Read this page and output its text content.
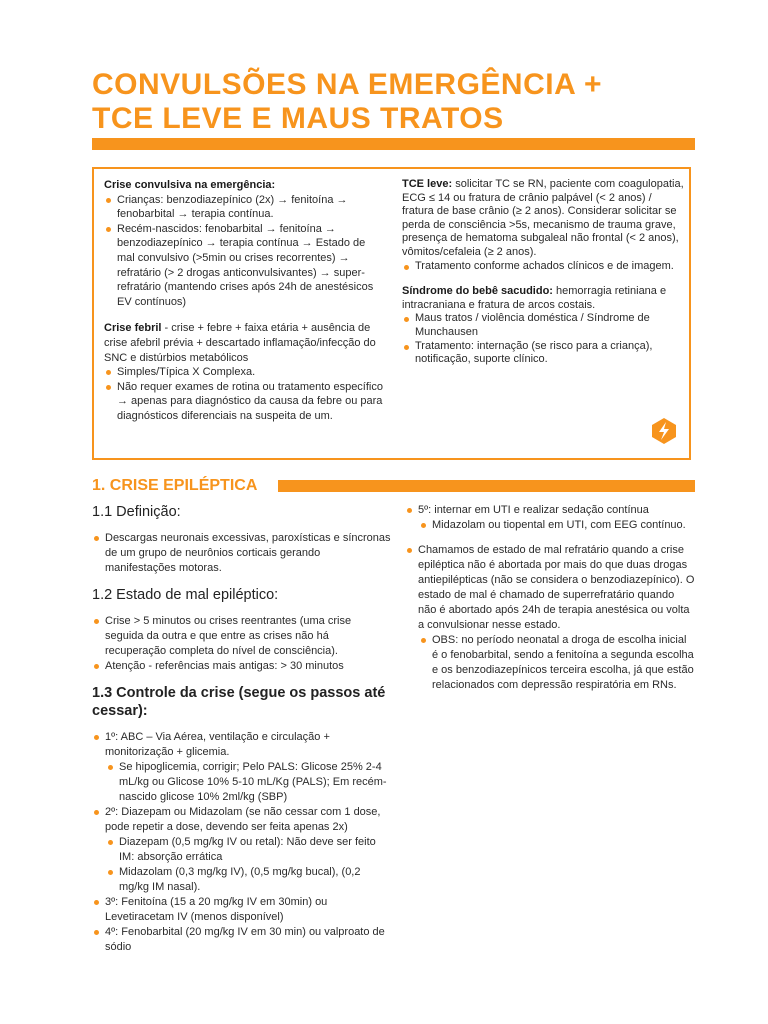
CONVULSÕES NA EMERGÊNCIA +
TCE LEVE E MAUS TRATOS

Crise convulsiva na emergência:

Crianças: benzodiazepínico (2x) → fenitoína → fenobarbital → terapia contínua.
Recém-nascidos: fenobarbital → fenitoína → benzodiazepínico → terapia contínua → Estado de mal convulsivo (>5min ou crises recorrentes) → refratário (> 2 drogas anticonvulsivantes) → super-refratário (mantendo crises após 24h de anestésicos EV contínuos)

Crise febril - crise + febre + faixa etária + ausência de crise afebril prévia + descartado inflamação/infecção do SNC e distúrbios metabólicos

Simples/Típica X Complexa.
Não requer exames de rotina ou tratamento específico → apenas para diagnóstico da causa da febre ou para diagnósticos diferenciais na suspeita de um.

TCE leve: solicitar TC se RN, paciente com coagulopatia, ECG ≤ 14 ou fratura de crânio palpável (< 2 anos) / fratura de base crânio (≥ 2 anos). Considerar solicitar se perda de consciência >5s, mecanismo de trauma grave, presença de hematoma subgaleal não frontal (< 2 anos), vômitos/cefaleia (≥ 2 anos).

Tratamento conforme achados clínicos e de imagem.

Síndrome do bebê sacudido: hemorragia retiniana e intracraniana e fratura de arcos costais.

Maus tratos / violência doméstica / Síndrome de Munchausen
Tratamento: internação (se risco para a criança), notificação, suporte clínico.
1. CRISE EPILÉPTICA

1.1 Definição:

Descargas neuronais excessivas, paroxísticas e síncronas de um grupo de neurônios corticais gerando manifestações motoras.

1.2 Estado de mal epiléptico:

Crise > 5 minutos ou crises reentrantes (uma crise seguida da outra e que entre as crises não há recuperação completa do nível de consciência).
Atenção - referências mais antigas: > 30 minutos

1.3 Controle da crise (segue os passos até cessar):

1º: ABC – Via Aérea, ventilação e circulação + monitorização + glicemia.
Se hipoglicemia, corrigir; Pelo PALS: Glicose 25% 2-4 mL/kg ou Glicose 10% 5-10 mL/Kg (PALS); Em recém-nascido glicose 10% 2ml/kg (SBP)
2º: Diazepam ou Midazolam (se não cessar com 1 dose, pode repetir a dose, devendo ser feita apenas 2x)
Diazepam (0,5 mg/kg IV ou retal): Não deve ser feito IM: absorção errática
Midazolam (0,3 mg/kg IV), (0,5 mg/kg bucal), (0,2 mg/kg IM nasal).
3º: Fenitoína (15 a 20 mg/kg IV em 30min) ou Levetiracetam IV (menos disponível)
4º: Fenobarbital (20 mg/kg IV em 30 min) ou valproato de sódio
5º: internar em UTI e realizar sedação contínua
Midazolam ou tiopental em UTI, com EEG contínuo.
Chamamos de estado de mal refratário quando a crise epiléptica não é abortada por mais do que duas drogas antiepilépticas (não se considera o benzodiazepínico). O estado de mal é chamado de superrefratário quando não é abortado após 24h de terapia anestésica ou volta a convulsionar nesse estado.
OBS: no período neonatal a droga de escolha inicial é o fenobarbital, sendo a fenitoína a segunda escolha e os benzodiazepínicos terceira escolha, já que estão relacionados com depressão respiratória em RNs.
